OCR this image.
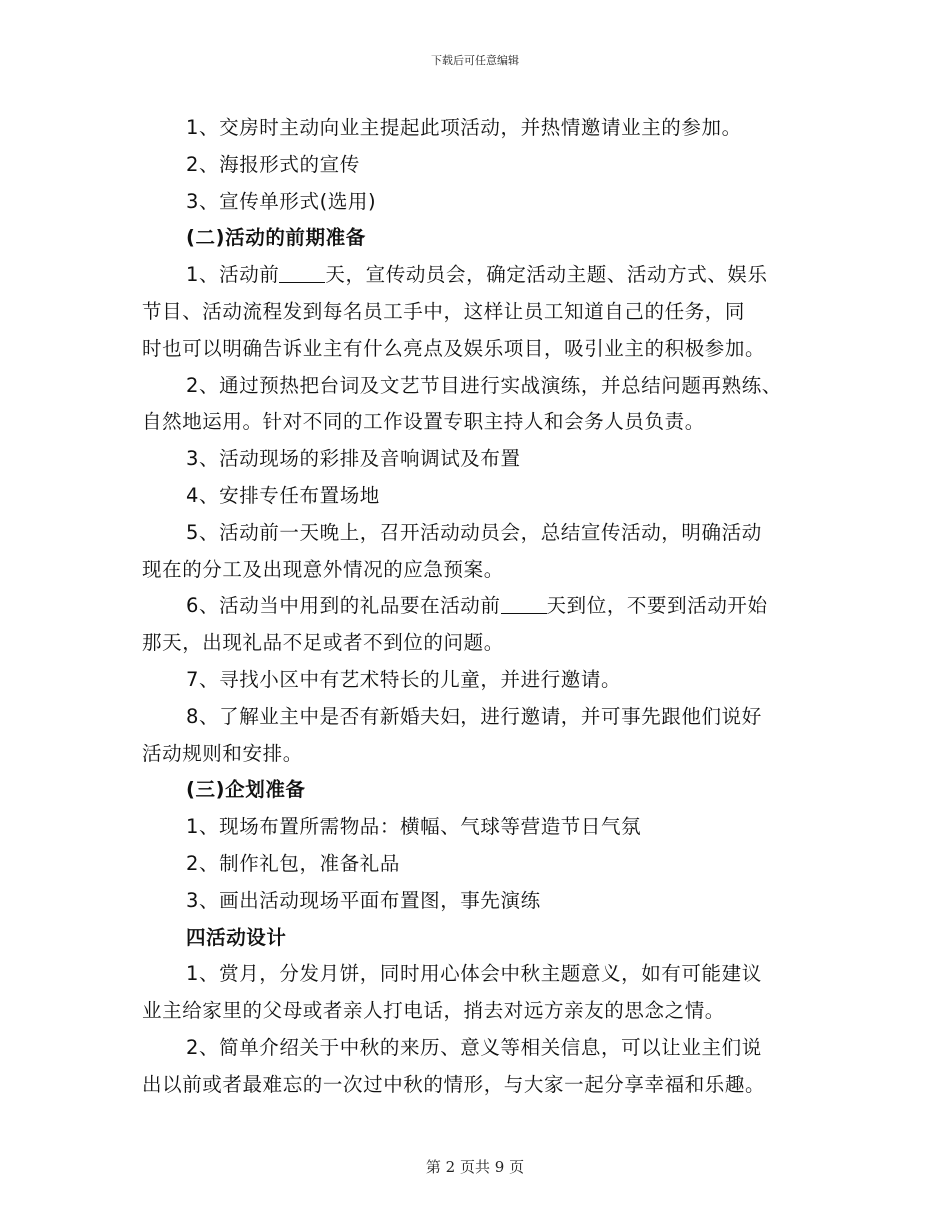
下载后可任意编辑
1、交房时主动向业主提起此项活动，并热情邀请业主的参加。
2、海报形式的宣传
3、宣传单形式(选用)
(二)活动的前期准备
1、活动前 天，宣传动员会，确定活动主题、活动方式、娱乐
节目、活动流程发到每名员工手中，这样让员工知道自己的任务，同
时也可以明确告诉业主有什么亮点及娱乐项目，吸引业主的积极参加。
2、通过预热把台词及文艺节目进行实战演练，并总结问题再熟练、
自然地运用。针对不同的工作设置专职主持人和会务人员负责。
3、活动现场的彩排及音响调试及布置
4、安排专任布置场地
5、活动前一天晚上，召开活动动员会，总结宣传活动，明确活动
现在的分工及出现意外情况的应急预案。
6、活动当中用到的礼品要在活动前 天到位，不要到活动开始
那天，出现礼品不足或者不到位的问题。
7、寻找小区中有艺术特长的儿童，并进行邀请。
8、了解业主中是否有新婚夫妇，进行邀请，并可事先跟他们说好
活动规则和安排。
(三)企划准备
1、现场布置所需物品：横幅、气球等营造节日气氛
2、制作礼包，准备礼品
3、画出活动现场平面布置图，事先演练
四活动设计
1、赏月，分发月饼，同时用心体会中秋主题意义，如有可能建议
业主给家里的父母或者亲人打电话，捎去对远方亲友的思念之情。
2、简单介绍关于中秋的来历、意义等相关信息，可以让业主们说
出以前或者最难忘的一次过中秋的情形，与大家一起分享幸福和乐趣。
第 2 页共 9 页
